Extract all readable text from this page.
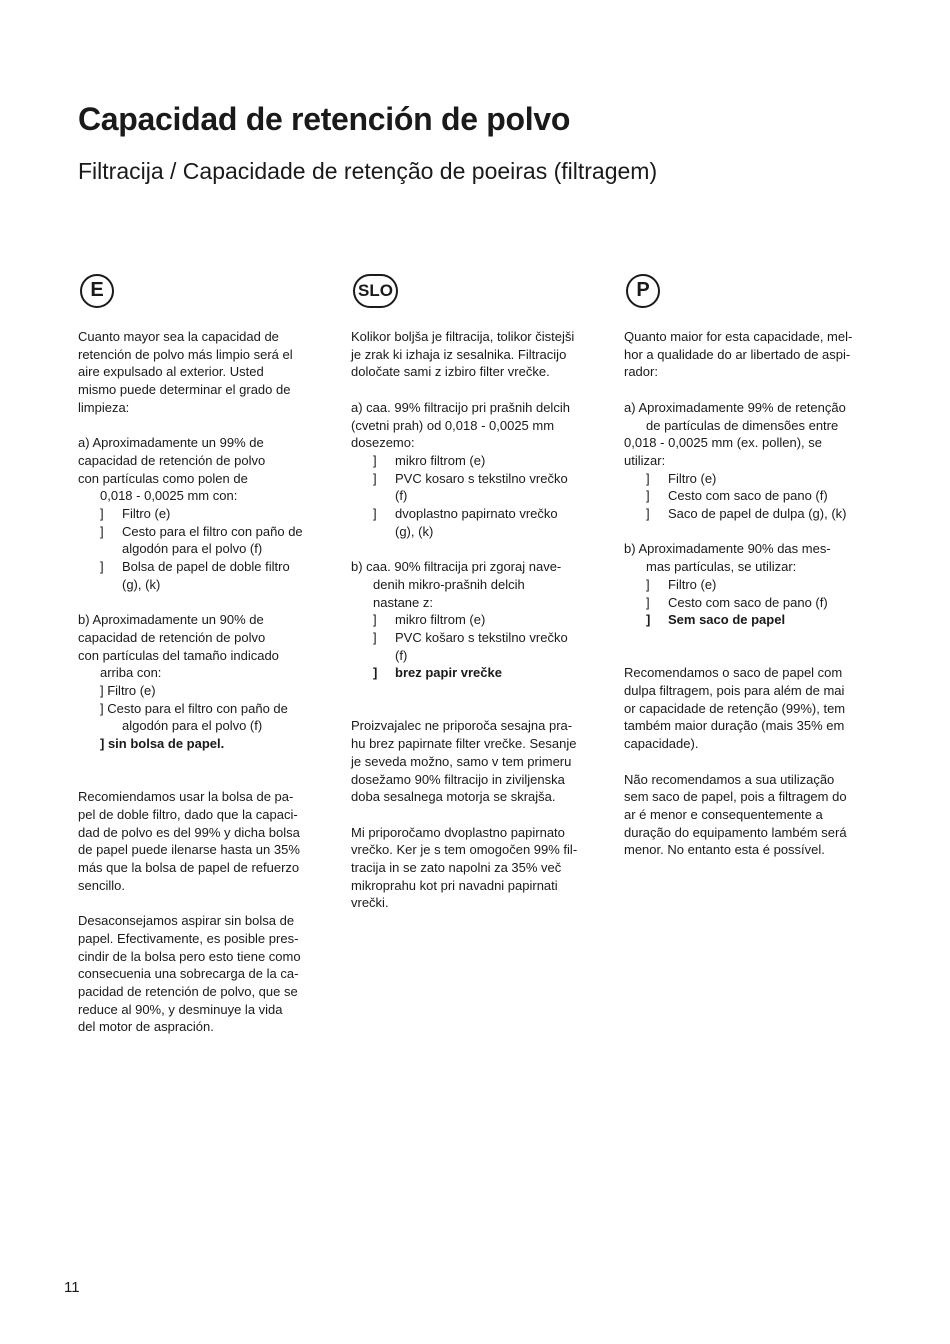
Capacidad de retención de polvo
Filtracija / Capacidade de retenção de poeiras (filtragem)
E
Cuanto mayor sea la capacidad de
retención de polvo más limpio será el
aire expulsado al exterior. Usted
mismo puede determinar el grado de
limpieza:
a) Aproximadamente un 99% de
capacidad de retención de polvo
con partículas como polen de
0,018 - 0,0025 mm con:
]	Filtro (e)
]	Cesto para el filtro con paño de
algodón para el polvo (f)
]	Bolsa de papel de doble filtro
(g), (k)
b) Aproximadamente un 90% de
capacidad de retención de polvo
con partículas del tamaño indicado
arriba con:
] Filtro (e)
] Cesto para el filtro con paño de
algodón para el polvo (f)
] sin bolsa de papel.
Recomiendamos usar la bolsa de pa-
pel de doble filtro, dado que la capaci-
dad de polvo es del 99% y dicha bolsa
de papel puede ilenarse hasta un 35%
más que la bolsa de papel de refuerzo
sencillo.
Desaconsejamos aspirar sin bolsa de
papel. Efectivamente, es posible pres-
cindir de la bolsa pero esto tiene como
consecuenia una sobrecarga de la ca-
pacidad de retención de polvo, que se
reduce al 90%, y desminuye la vida
del motor de aspración.
SLO
Kolikor boljša je filtracija, tolikor čistejši
je zrak ki izhaja iz sesalnika. Filtracijo
določate sami z izbiro filter vrečke.
a) caa. 99% filtracijo pri prašnih delcih
(cvetni prah) od 0,018 - 0,0025 mm
dosezemo:
]	mikro filtrom (e)
]	PVC kosaro s tekstilno vrečko
(f)
]	dvoplastno papirnato vrečko
(g), (k)
b) caa. 90% filtracija pri zgoraj nave-
denih mikro-prašnih delcih
nastane z:
]	mikro filtrom (e)
]	PVC košaro s tekstilno vrečko
(f)
]	brez papir vrečke
Proizvajalec ne priporoča sesajna pra-
hu brez papirnate filter vrečke. Sesanje
je seveda možno, samo v tem primeru
dosežamo 90% filtracijo in ziviljenska
doba sesalnega motorja se skrajša.
Mi priporočamo dvoplastno papirnato
vrečko. Ker je s tem omogočen 99% fil-
tracija in se zato napolni za 35% več
mikroprahu kot pri navadni papirnati
vrečki.
P
Quanto maior for esta capacidade, mel-
hor a qualidade do ar libertado de aspi-
rador:
a) Aproximadamente 99% de retenção
de partículas de dimensões entre
0,018 - 0,0025 mm (ex. pollen), se
utilizar:
]	Filtro (e)
]	Cesto com saco de pano (f)
]	Saco de papel de dulpa (g), (k)
b) Aproximadamente 90% das mes-
mas partículas, se utilizar:
]	Filtro (e)
]	Cesto com saco de pano (f)
]	Sem saco de papel
Recomendamos o saco de papel com
dulpa filtragem, pois para além de mai
or capacidade de retenção (99%), tem
também maior duração (mais 35% em
capacidade).
Não recomendamos a sua utilização
sem saco de papel, pois a filtragem do
ar é menor e consequentemente a
duração do equipamento lambém será
menor. No entanto esta é possível.
11
